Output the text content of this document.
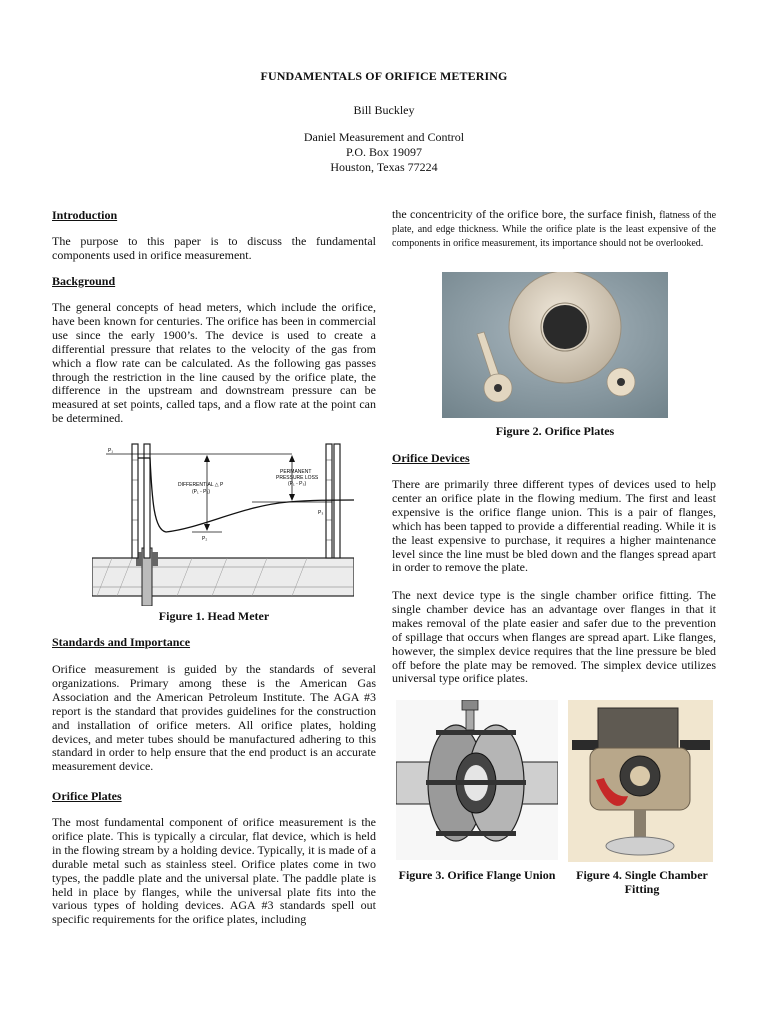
FUNDAMENTALS OF ORIFICE METERING
Bill Buckley
Daniel Measurement and Control
P.O. Box 19097
Houston, Texas 77224
Introduction
The purpose to this paper is to discuss the fundamental components used in orifice measurement.
Background
The general concepts of head meters, which include the orifice, have been known for centuries. The orifice has been in commercial use since the early 1900’s. The device is used to create a differential pressure that relates to the velocity of the gas from which a flow rate can be calculated. As the following gas passes through the restriction in the line caused by the orifice plate, the difference in the upstream and downstream pressure can be measured at set points, called taps, and a flow rate at the point can be determined.
P₁
DIFFERENTIAL △ P
(P₁ - P₂)
PERMANENT
PRESSURE LOSS
(P₁ - P₃)
P₂
P₃
Figure 1. Head Meter
Standards and Importance
Orifice measurement is guided by the standards of several organizations. Primary among these is the American Gas Association and the American Petroleum Institute. The AGA #3 report is the standard that provides guidelines for the construction and installation of orifice meters. All orifice plates, holding devices, and meter tubes should be manufactured adhering to this standard in order to help ensure that the end product is an accurate measurement device.
Orifice Plates
The most fundamental component of orifice measurement is the orifice plate. This is typically a circular, flat device, which is held in the flowing stream by a holding device. Typically, it is made of a durable metal such as stainless steel. Orifice plates come in two types, the paddle plate and the universal plate. The paddle plate is held in place by flanges, while the universal plate fits into the various types of holding devices. AGA #3 standards spell out specific requirements for the orifice plates, including
the concentricity of the orifice bore, the surface finish, flatness of the plate, and edge thickness. While the orifice plate is the least expensive of the components in orifice measurement, its importance should not be overlooked.
Figure 2. Orifice Plates
Orifice Devices
There are primarily three different types of devices used to help center an orifice plate in the flowing medium. The first and least expensive is the orifice flange union. This is a pair of flanges, which has been tapped to provide a differential reading. While it is the least expensive to purchase, it requires a higher maintenance level since the line must be bled down and the flanges spread apart in order to remove the plate.
The next device type is the single chamber orifice fitting. The single chamber device has an advantage over flanges in that it makes removal of the plate easier and safer due to the prevention of spillage that occurs when flanges are spread apart. Like flanges, however, the simplex device requires that the line pressure be bled off before the plate may be removed. The simplex device utilizes universal type orifice plates.
Figure 3. Orifice Flange Union	Figure 4. Single Chamber Fitting
